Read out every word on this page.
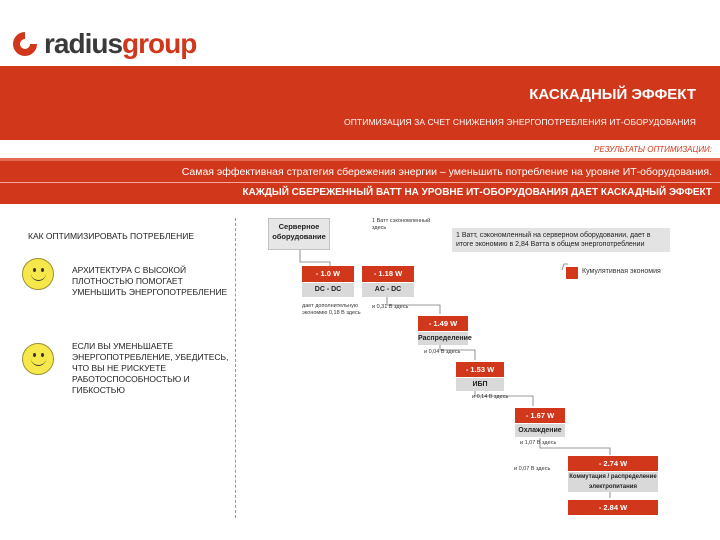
radius group
КАСКАДНЫЙ ЭФФЕКТ
ОПТИМИЗАЦИЯ ЗА СЧЕТ СНИЖЕНИЯ ЭНЕРГОПОТРЕБЛЕНИЯ ИТ-ОБОРУДОВАНИЯ
РЕЗУЛЬТАТЫ ОПТИМИЗАЦИИ:
Самая эффективная стратегия сбережения энергии – уменьшить потребление на уровне ИТ-оборудования.
КАЖДЫЙ СБЕРЕЖЕННЫЙ ВАТТ НА УРОВНЕ ИТ-ОБОРУДОВАНИЯ ДАЕТ КАСКАДНЫЙ ЭФФЕКТ
КАК ОПТИМИЗИРОВАТЬ ПОТРЕБЛЕНИЕ
АРХИТЕКТУРА С ВЫСОКОЙ ПЛОТНОСТЬЮ ПОМОГАЕТ УМЕНЬШИТЬ ЭНЕРГОПОТРЕБЛЕНИЕ
ЕСЛИ ВЫ УМЕНЬШАЕТЕ ЭНЕРГОПОТРЕБЛЕНИЕ, УБЕДИТЕСЬ, ЧТО ВЫ НЕ РИСКУЕТЕ РАБОТОСПОСОБНОСТЬЮ И ГИБКОСТЬЮ
Серверное оборудование
1 Ватт сэкономленный здесь
1 Ватт, сэкономленный на серверном оборудовании, дает в итоге экономию в 2,84 Ватта в общем энергопотреблении
Кумулятивная экономия
- 1.0 W
DC - DC
дает дополнительную экономию 0,18 В здесь
- 1.18 W
AC - DC
и 0,31 В здесь
- 1.49 W
Распределение
и 0,04 В здесь
- 1.53 W
ИБП
и 0,14 В здесь
- 1.67 W
Охлаждение
и 1,07 В здесь
- 2.74 W
Коммутация / распределение электропитания
и 0,07 В здесь
- 2.84 W
